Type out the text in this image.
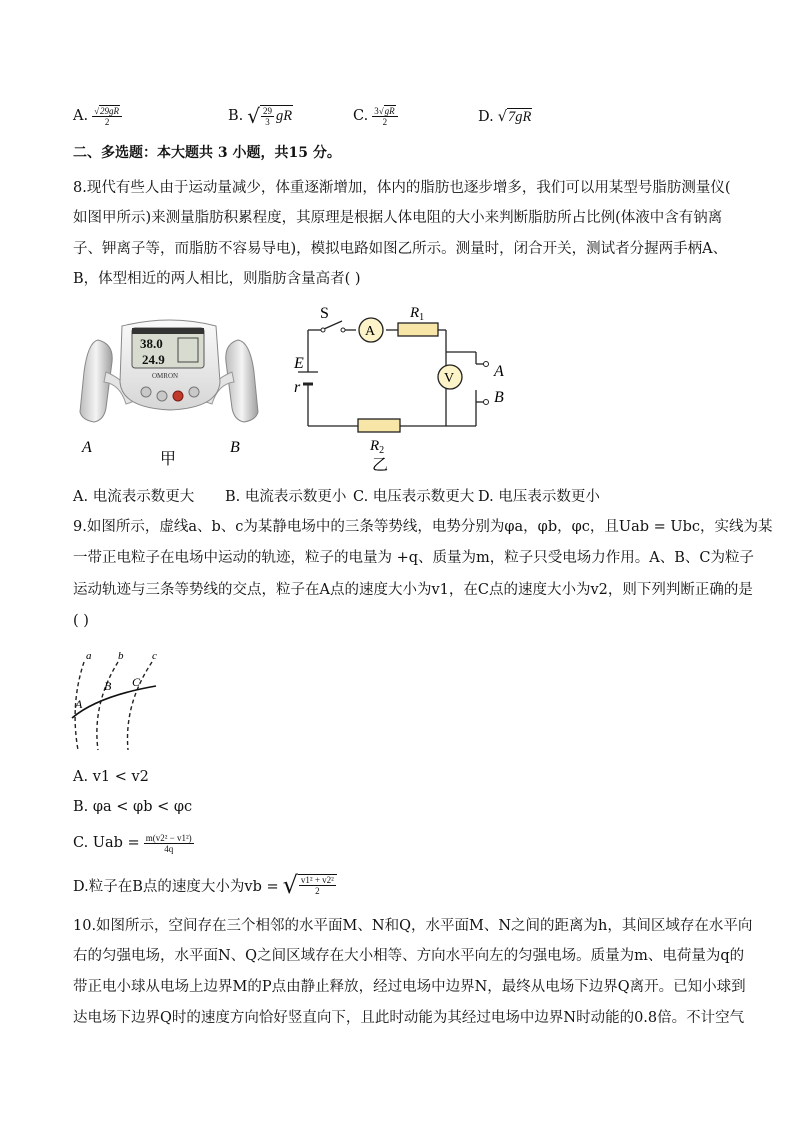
A. $\frac{√29gR}{2}$	B. √ $\frac{29}{3}$ gR	C. $\frac{3√gR}{2}$	D. √7gR
二、多选题：本大题共 3 小题，共15 分。
8.现代有些人由于运动量减少，体重逐渐增加，体内的脂肪也逐步增多，我们可以用某型号脂肪测量仪(
如图甲所示)来测量脂肪积累程度，其原理是根据人体电阻的大小来判断脂肪所占比例(体液中含有钠离
子、钾离子等，而脂肪不容易导电)，模拟电路如图乙所示。测量时，闭合开关，测试者分握两手柄A、
B，体型相近的两人相比，则脂肪含量高者( )
38.0
24.9
OMRON
A
甲
B
S
A
$R_1$
E
r
V A
B
$R_2$
乙
A. 电流表示数更大 B. 电流表示数更小 C. 电压表示数更大 D. 电压表示数更小
9.如图所示，虚线a、b、c为某静电场中的三条等势线，电势分别为φa，φb，φc，且Uab = Ubc，实线为某
一带正电粒子在电场中运动的轨迹，粒子的电量为 +q、质量为m，粒子只受电场力作用。A、B、C为粒子
运动轨迹与三条等势线的交点，粒子在A点的速度大小为v1，在C点的速度大小为v2，则下列判断正确的是
( )
a b	c
A
B C
A. v1 < v2
B. φa < φb < φc
C. Uab = $\frac{\text{m(v2² − v1²)}}{4q}$
D.粒子在B点的速度大小为vb = √ $\frac{\text{v1² + v2²}}{2}$
10.如图所示，空间存在三个相邻的水平面M、N和Q，水平面M、N之间的距离为h，其间区域存在水平向
右的匀强电场，水平面N、Q之间区域存在大小相等、方向水平向左的匀强电场。质量为m、电荷量为q的
带正电小球从电场上边界M的P点由静止释放，经过电场中边界N，最终从电场下边界Q离开。已知小球到
达电场下边界Q时的速度方向恰好竖直向下，且此时动能为其经过电场中边界N时动能的0.8倍。不计空气
